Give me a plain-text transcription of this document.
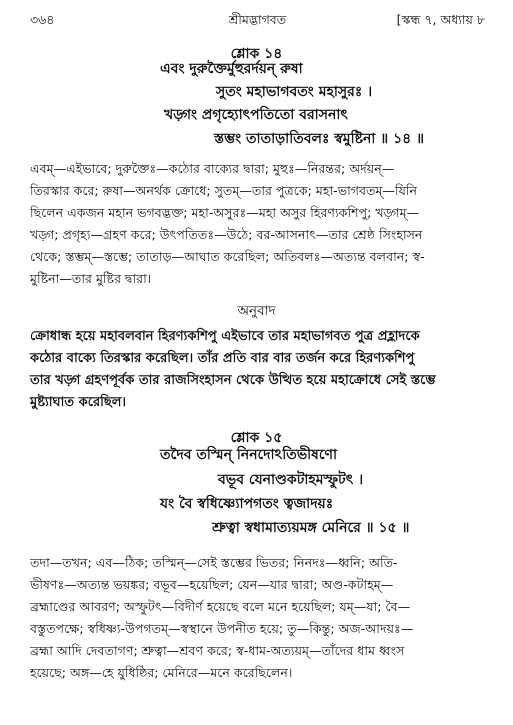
৩৬৪	শ্রীমদ্ভাগবত	[স্কন্ধ ৭, অধ্যায় ৮
শ্লোক ১৪
এবং দুরুক্তৈর্মুহুরর্দয়ন্ রুষা
সুতং মহাভাগবতং মহাসুরঃ ।
খড়্গং প্রগৃহ্যোৎপতিতো বরাসনাৎ
স্তম্ভং তাতাড়াতিবলঃ স্বমুষ্টিনা ॥ ১৪ ॥
এবম্—এইভাবে; দুরুক্তৈঃ—কঠোর বাক্যের দ্বারা; মুহুঃ—নিরন্তর; অর্দয়ন্—
তিরস্কার করে; রুষা—অনর্থক ক্রোধে; সুতম্—তার পুত্রকে; মহা-ভাগবতম্—যিনি
ছিলেন একজন মহান ভগবদ্ভক্ত; মহা-অসুরঃ—মহা অসুর হিরণ্যকশিপু; খড়্গম্—
খড়্গ; প্রগৃহ্য—গ্রহণ করে; উৎপতিতঃ—উঠে; বর-আসনাৎ—তার শ্রেষ্ঠ সিংহাসন
থেকে; স্তম্ভম্—স্তম্ভে; তাতাড়—আঘাত করেছিল; অতিবলঃ—অত্যন্ত বলবান; স্ব-
মুষ্টিনা—তার মুষ্টির দ্বারা।
অনুবাদ
ক্রোধান্ধ হয়ে মহাবলবান হিরণ্যকশিপু এইভাবে তার মহাভাগবত পুত্র প্রহ্লাদকে
কঠোর বাক্যে তিরস্কার করেছিল। তাঁর প্রতি বার বার তর্জন করে হিরণ্যকশিপু
তার খড়্গ গ্রহণপূর্বক তার রাজসিংহাসন থেকে উত্থিত হয়ে মহাক্রোধে সেই স্তম্ভে
মুষ্ট্যাঘাত করেছিল।
শ্লোক ১৫
তদৈব তস্মিন্ নিনদোঽতিভীষণো
বভূব যেনাণ্ডকটাহমস্ফুটৎ ।
যং বৈ স্বধিষ্ণ্যোপগতং ত্বজাদয়ঃ
শ্রুত্বা স্বধামাত্যয়মঙ্গ মেনিরে ॥ ১৫ ॥
তদা—তখন; এব—ঠিক; তস্মিন্—সেই স্তম্ভের ভিতর; নিনদঃ—ধ্বনি; অতি-
ভীষণঃ—অত্যন্ত ভয়ঙ্কর; বভূব—হয়েছিল; যেন—যার দ্বারা; অণ্ড-কটাহম্—
ব্রহ্মাণ্ডের আবরণ; অস্ফুটৎ—বিদীর্ণ হয়েছে বলে মনে হয়েছিল; যম্—যা; বৈ—
বস্তুতপক্ষে; স্বধিষ্ণ্য-উপগতম্—স্বস্থানে উপনীত হয়ে; তু—কিন্তু; অজ-আদয়ঃ—
ব্রহ্মা আদি দেবতাগণ; শ্রুত্বা—শ্রবণ করে; স্ব-ধাম-অত্যয়ম্—তাঁদের ধাম ধ্বংস
হয়েছে; অঙ্গ—হে যুধিষ্ঠির; মেনিরে—মনে করেছিলেন।
